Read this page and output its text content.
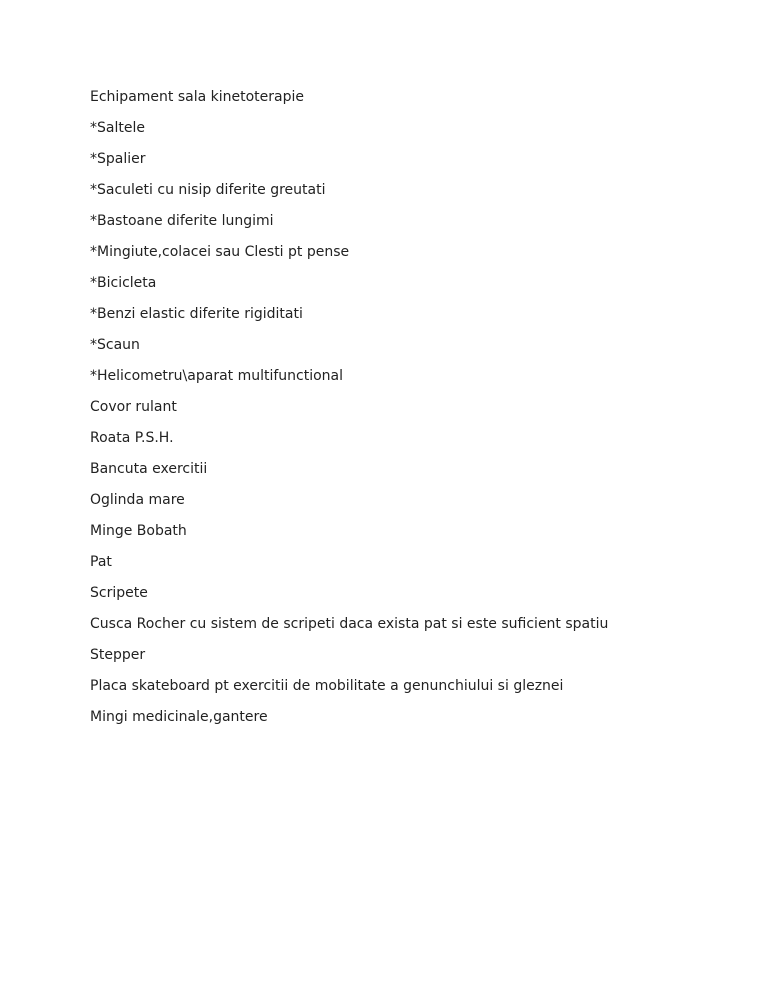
Echipament sala kinetoterapie
*Saltele
*Spalier
*Saculeti cu nisip diferite greutati
*Bastoane diferite lungimi
*Mingiute,colacei sau Clesti pt pense
*Bicicleta
*Benzi elastic diferite rigiditati
*Scaun
*Helicometru\aparat multifunctional
Covor rulant
Roata P.S.H.
Bancuta exercitii
Oglinda mare
Minge Bobath
Pat
Scripete
Cusca Rocher cu sistem de scripeti daca exista pat si este suficient spatiu
Stepper
Placa skateboard pt exercitii de mobilitate a genunchiului si gleznei
Mingi medicinale,gantere
